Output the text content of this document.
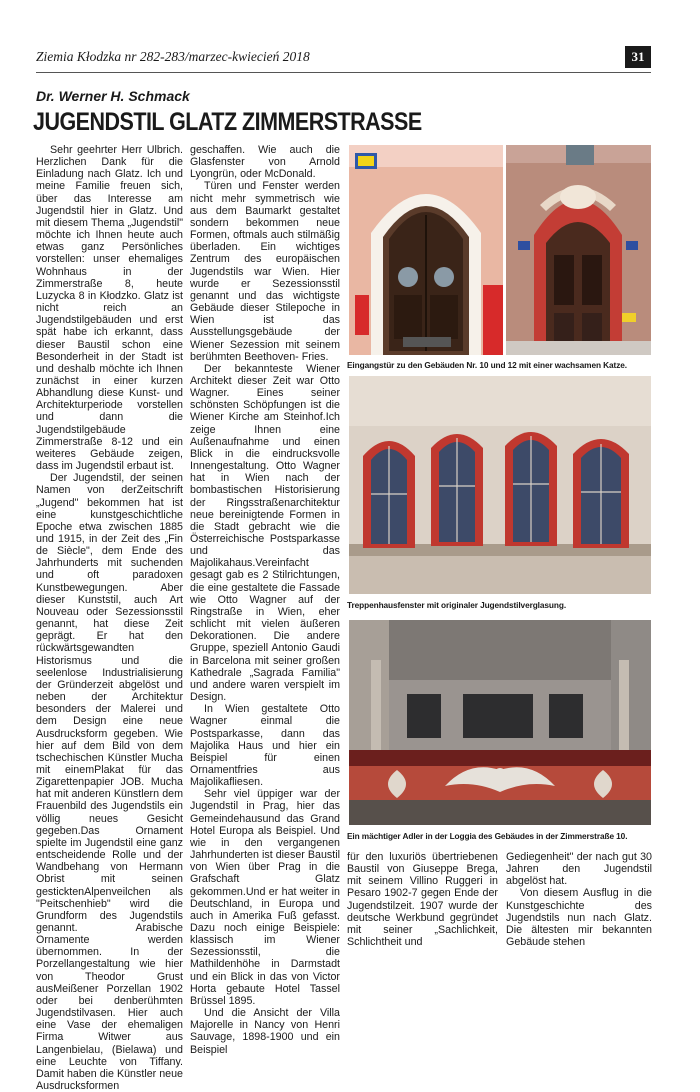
Ziemia Kłodzka nr 282-283/marzec-kwiecień 2018	31
Dr. Werner H. Schmack
JUGENDSTIL GLATZ ZIMMERSTRASSE

Sehr geehrter Herr Ulbrich. Herzlichen Dank für die Einladung nach Glatz. Ich und meine Familie freuen sich, über das Interesse am Jugendstil hier in Glatz. Und mit diesem Thema „Jugendstil" möchte ich Ihnen heute auch etwas ganz Persönliches vorstellen: unser ehemaliges Wohnhaus in der Zimmerstraße 8, heute Luzycka 8 in Kłodzko. Glatz ist nicht reich an Jugendstilgebäuden und erst spät habe ich erkannt, dass dieser Baustil schon eine Besonderheit in der Stadt ist und deshalb möchte ich Ihnen zunächst in einer kurzen Abhandlung diese Kunst- und Architekturperiode vorstellen und dann die Jugendstilgebäude Zimmerstraße 8-12 und ein weiteres Gebäude zeigen, dass im Jugendstil erbaut ist.

Der Jugendstil, der seinen Namen von derZeitschrift „Jugend" bekommen hat ist eine kunstgeschichtliche Epoche etwa zwischen 1885 und 1915, in der Zeit des „Fin de Siècle", dem Ende des Jahrhunderts mit suchenden und oft paradoxen Kunstbewegungen. Aber dieser Kunststil, auch Art Nouveau oder Sezessionsstil genannt, hat diese Zeit geprägt. Er hat den rückwärtsgewandten Historismus und die seelenlose Industrialisierung der Gründerzeit abgelöst und neben der Architektur besonders der Malerei und dem Design eine neue Ausdrucksform gegeben. Wie hier auf dem Bild von dem tschechischen Künstler Mucha mit einemPlakat für das Zigarettenpapier JOB. Mucha hat mit anderen Künstlern dem Frauenbild des Jugendstils ein völlig neues Gesicht gegeben.Das Ornament spielte im Jugendstil eine ganz entscheidende Rolle und der Wandbehang von Hermann Obrist mit seinen gesticktenAlpenveilchen als "Peitschenhieb" wird die Grundform des Jugendstils genannt. Arabische Ornamente werden übernommen. In der Porzellangestaltung wie hier von Theodor Grust ausMeißener Porzellan 1902 oder bei denberühmten Jugendstilvasen. Hier auch eine Vase der ehemaligen Firma Witwer aus Langenbielau, (Bielawa) und eine Leuchte von Tiffany. Damit haben die Künstler neue Ausdrucksformen

geschaffen. Wie auch die Glasfenster von Arnold Lyongrün, oder McDonald.

Türen und Fenster werden nicht mehr symmetrisch wie aus dem Baumarkt gestaltet sondern bekommen neue Formen, oftmals auch stilmäßig überladen. Ein wichtiges Zentrum des europäischen Jugendstils war Wien. Hier wurde er Sezessionsstil genannt und das wichtigste Gebäude dieser Stilepoche in Wien ist das Ausstellungsgebäude der Wiener Sezession mit seinem berühmten Beethoven- Fries.

Der bekannteste Wiener Architekt dieser Zeit war Otto Wagner. Eines seiner schönsten Schöpfungen ist die Wiener Kirche am Steinhof.Ich zeige Ihnen eine Außenaufnahme und einen Blick in die eindrucksvolle Innengestaltung. Otto Wagner hat in Wien nach der bombastischen Historisierung der Ringsstraßenarchitektur neue bereinigtende Formen in die Stadt gebracht wie die Österreichische Postsparkasse und das Majolikahaus.Vereinfacht gesagt gab es 2 Stilrichtungen, die eine gestaltete die Fassade wie Otto Wagner auf der Ringstraße in Wien, eher schlicht mit vielen äußeren Dekorationen. Die andere Gruppe, speziell Antonio Gaudi in Barcelona mit seiner großen Kathedrale „Sagrada Familia" und andere waren verspielt im Design.

In Wien gestaltete Otto Wagner einmal die Postsparkasse, dann das Majolika Haus und hier ein Beispiel für einen Ornamentfries aus Majolikafliesen.

Sehr viel üppiger war der Jugendstil in Prag, hier das Gemeindehausund das Grand Hotel Europa als Beispiel. Und wie in den vergangenen Jahrhunderten ist dieser Baustil von Wien über Prag in die Grafschaft Glatz gekommen.Und er hat weiter in Deutschland, in Europa und auch in Amerika Fuß gefasst. Dazu noch einige Beispiele: klassisch im Wiener Sezessionsstil, die Mathildenhöhe in Darmstadt und ein Blick in das von Victor Horta gebaute Hotel Tassel Brüssel 1895.

Und die Ansicht der Villa Majorelle in Nancy von Henri Sauvage, 1898-1900 und ein Beispiel

Eingangstür zu den Gebäuden Nr. 10 und 12 mit einer wachsamen Katze.
Treppenhausfenster mit originaler Jugendstilverglasung.
Ein mächtiger Adler in der Loggia des Gebäudes in der Zimmerstraße 10.

für den luxuriös übertriebenen Baustil von Giuseppe Brega, mit seinem Villino Ruggeri in Pesaro 1902-7 gegen Ende der Jugendstilzeit. 1907 wurde der deutsche Werkbund gegründet mit seiner „Sachlichkeit, Schlichtheit und

Gediegenheit" der nach gut 30 Jahren den Jugendstil abgelöst hat.

Von diesem Ausflug in die Kunstgeschichte des Jugendstils nun nach Glatz. Die ältesten mir bekannten Gebäude stehen
